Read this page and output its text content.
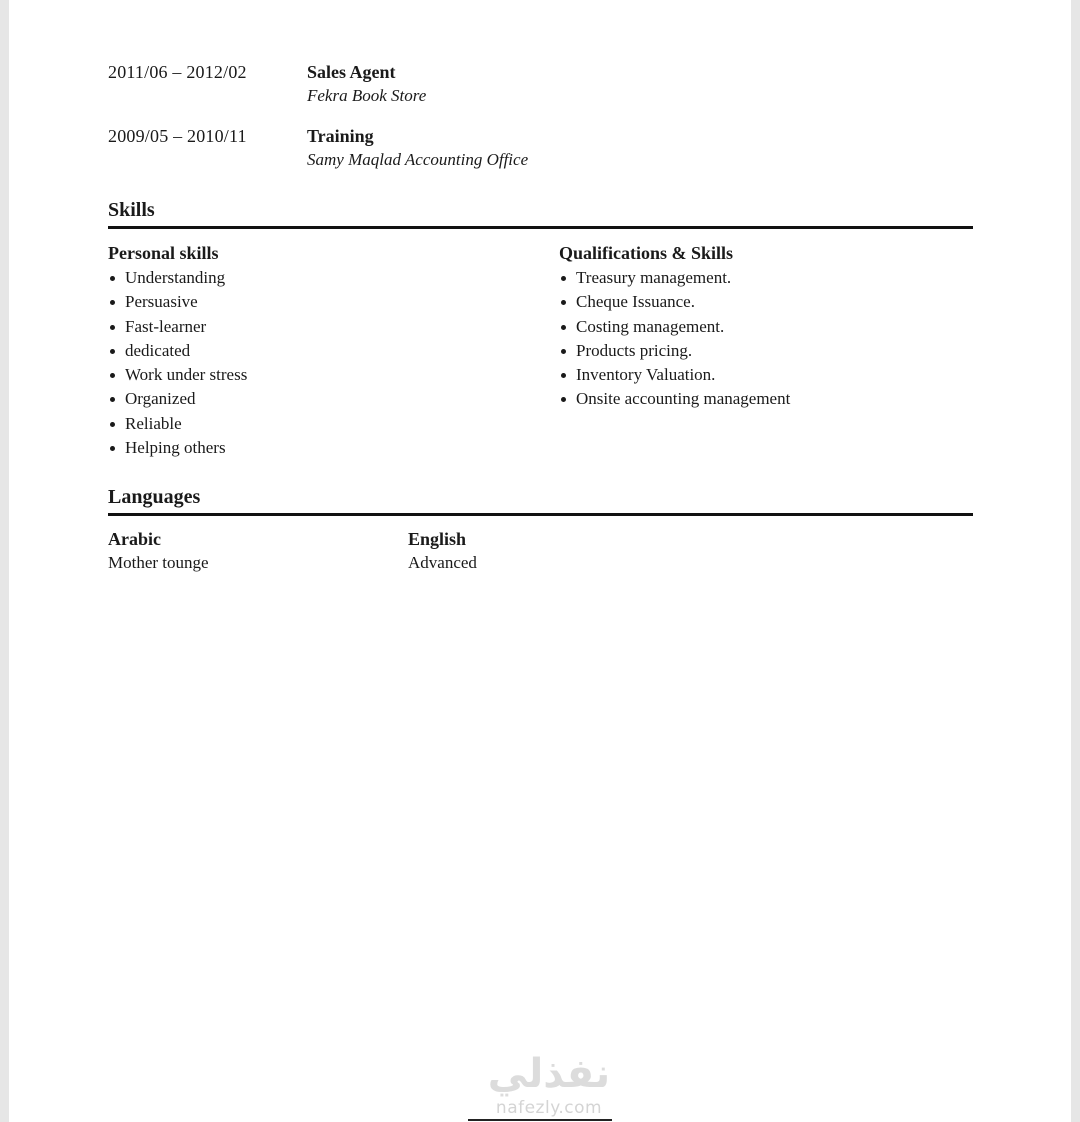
2011/06 – 2012/02	Sales Agent
Fekra Book Store
2009/05 – 2010/11	Training
Samy Maqlad Accounting Office
Skills
Personal skills
Understanding
Persuasive
Fast-learner
dedicated
Work under stress
Organized
Reliable
Helping others
Qualifications & Skills
Treasury management.
Cheque Issuance.
Costing management.
Products pricing.
Inventory Valuation.
Onsite accounting management
Languages
Arabic
Mother tounge
English
Advanced
نفذلي
nafezly.com
